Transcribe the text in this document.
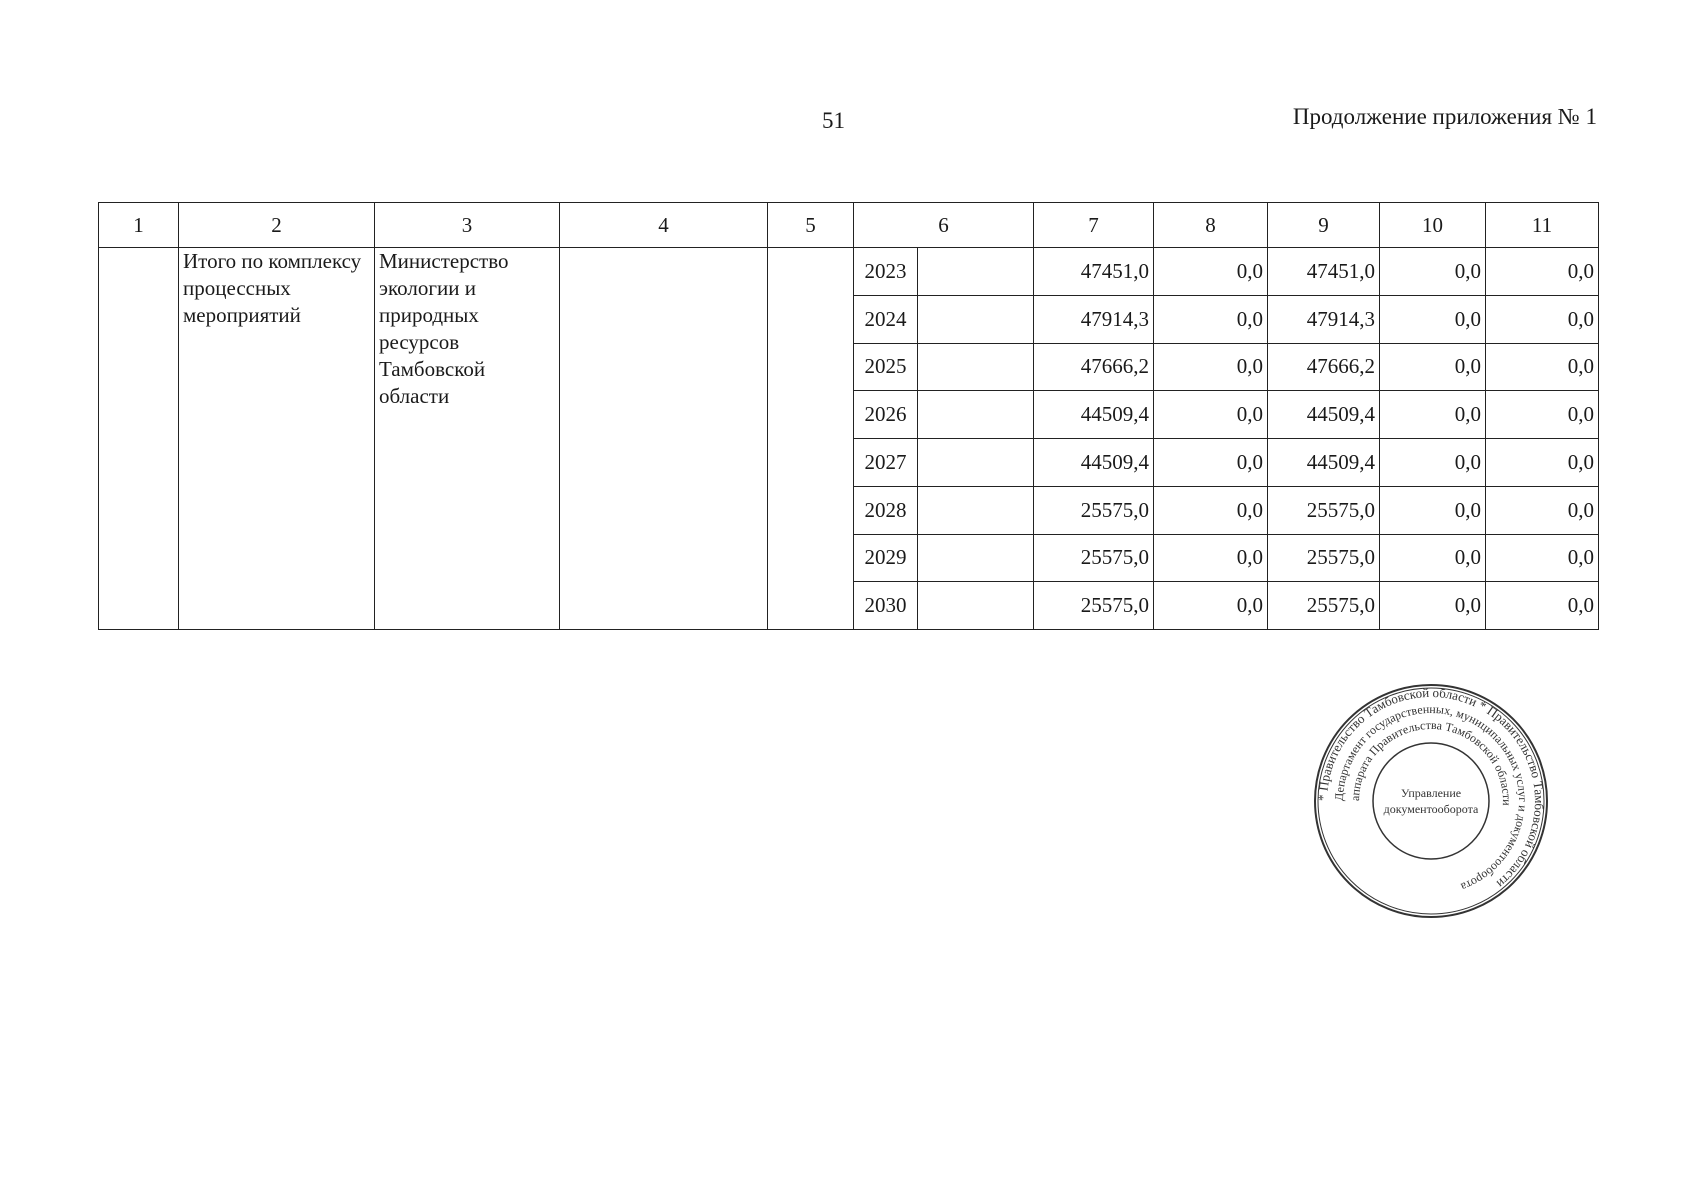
51	Продолжение приложения № 1
1	2	3	4	5	6		7	8	9	10	11
	Итого по комплексу процессных мероприятий	Министерство экологии и природных ресурсов Тамбовской области			2023		47451,0	0,0	47451,0	0,0	0,0
					2024		47914,3	0,0	47914,3	0,0	0,0
					2025		47666,2	0,0	47666,2	0,0	0,0
					2026		44509,4	0,0	44509,4	0,0	0,0
					2027		44509,4	0,0	44509,4	0,0	0,0
					2028		25575,0	0,0	25575,0	0,0	0,0
					2029		25575,0	0,0	25575,0	0,0	0,0
					2030		25575,0	0,0	25575,0	0,0	0,0
* Правительство Тамбовской области * Правительство Тамбовской области
Департамент государственных, муниципальных услуг и документооборота
аппарата Правительства Тамбовской области
Управление
документооборота
